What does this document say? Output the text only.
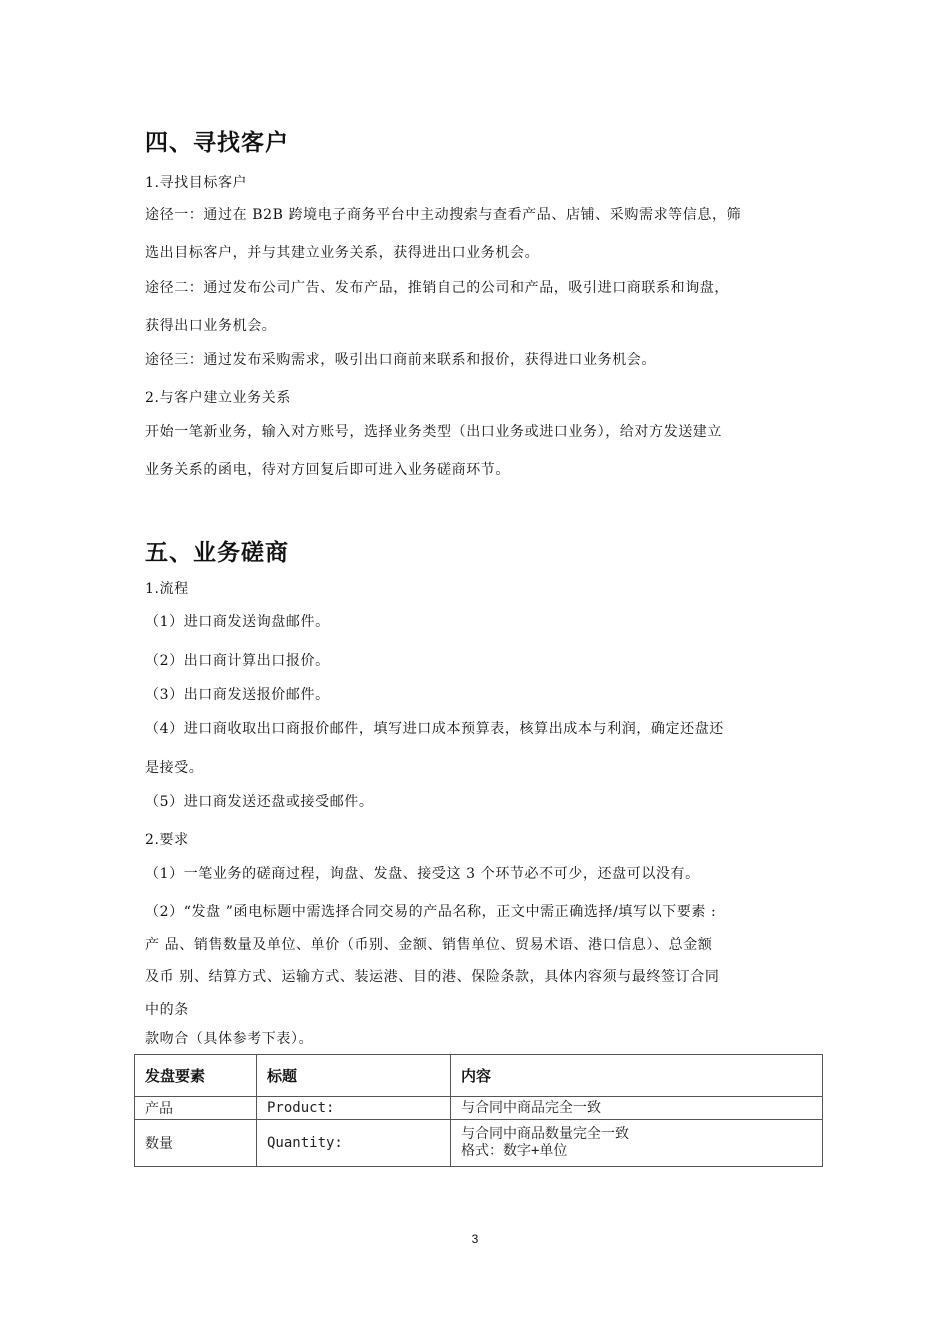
四、寻找客户
1.寻找目标客户
途径一：通过在 B2B 跨境电子商务平台中主动搜索与查看产品、店铺、采购需求等信息，筛
选出目标客户，并与其建立业务关系，获得进出口业务机会。
途径二：通过发布公司广告、发布产品，推销自己的公司和产品，吸引进口商联系和询盘，
获得出口业务机会。
途径三：通过发布采购需求，吸引出口商前来联系和报价，获得进口业务机会。
2.与客户建立业务关系
开始一笔新业务，输入对方账号，选择业务类型（出口业务或进口业务），给对方发送建立
业务关系的函电，待对方回复后即可进入业务磋商环节。
五、业务磋商
1.流程
（1）进口商发送询盘邮件。
（2）出口商计算出口报价。
（3）出口商发送报价邮件。
（4）进口商收取出口商报价邮件，填写进口成本预算表，核算出成本与利润，确定还盘还
是接受。
（5）进口商发送还盘或接受邮件。
2.要求
（1）一笔业务的磋商过程，询盘、发盘、接受这 3 个环节必不可少，还盘可以没有。
（2）“发盘 ”函电标题中需选择合同交易的产品名称，正文中需正确选择/填写以下要素 :
产 品、销售数量及单位、单价（币别、金额、销售单位、贸易术语、港口信息）、总金额
及币 别、结算方式、运输方式、装运港、目的港、保险条款，具体内容须与最终签订合同
中的条
款吻合（具体参考下表）。
发盘要素	标题	内容
产品	Product:	与合同中商品完全一致

数量	Quantity:	与合同中商品数量完全一致
格式：数字+单位
3
